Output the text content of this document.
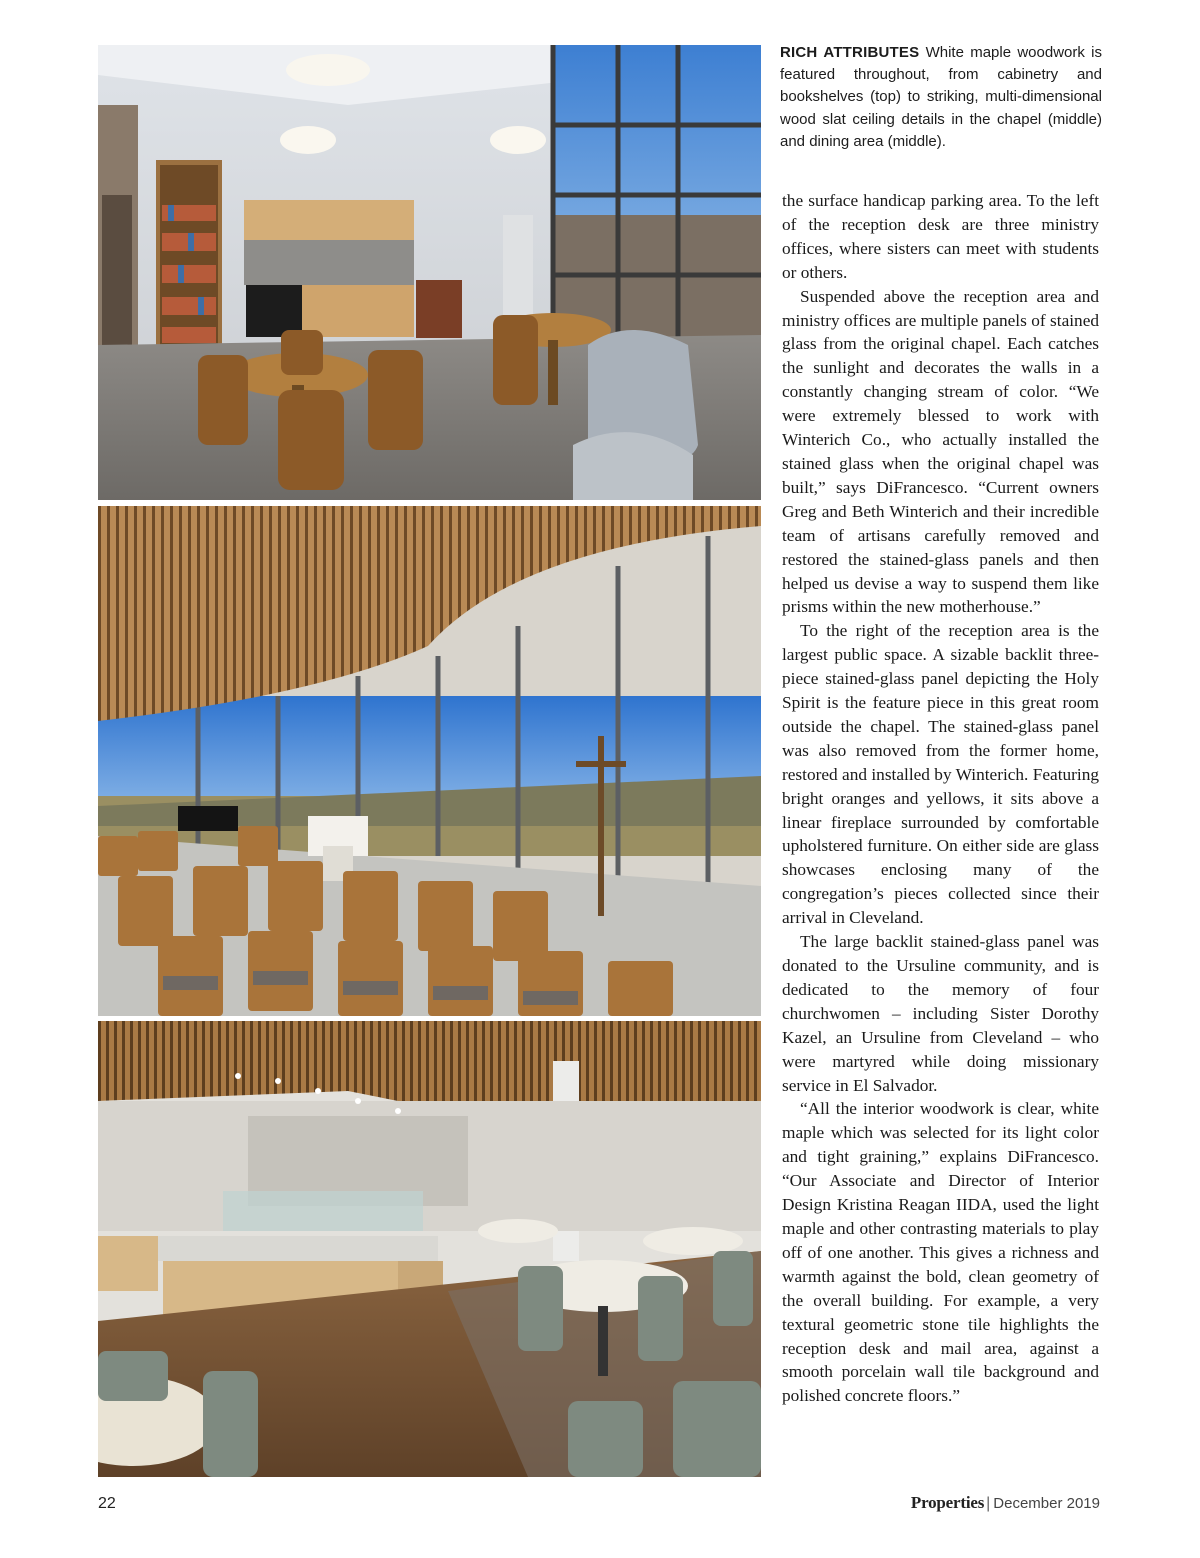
RICH ATTRIBUTES White maple woodwork is featured throughout, from cabinetry and bookshelves (top) to striking, multi-dimensional wood slat ceiling details in the chapel (middle) and dining area (middle).

the surface handicap parking area. To the left of the reception desk are three ministry offices, where sisters can meet with students or others.

Suspended above the reception area and ministry offices are multiple panels of stained glass from the original chapel. Each catches the sunlight and decorates the walls in a constantly changing stream of color. “We were extremely blessed to work with Winterich Co., who actually installed the stained glass when the original chapel was built,” says DiFrancesco. “Current owners Greg and Beth Winterich and their incredible team of artisans carefully removed and restored the stained-glass panels and then helped us devise a way to suspend them like prisms within the new motherhouse.”

To the right of the reception area is the largest public space. A sizable backlit three-piece stained-glass panel depicting the Holy Spirit is the feature piece in this great room outside the chapel. The stained-glass panel was also removed from the former home, restored and installed by Winterich. Featuring bright oranges and yellows, it sits above a linear fireplace surrounded by comfortable upholstered furniture. On either side are glass showcases enclosing many of the congregation’s pieces collected since their arrival in Cleveland.

The large backlit stained-glass panel was donated to the Ursuline community, and is dedicated to the memory of four churchwomen – including Sister Dorothy Kazel, an Ursuline from Cleveland – who were martyred while doing missionary service in El Salvador.

“All the interior woodwork is clear, white maple which was selected for its light color and tight graining,” explains DiFrancesco. “Our Associate and Director of Interior Design Kristina Reagan IIDA, used the light maple and other contrasting materials to play off of one another. This gives a richness and warmth against the bold, clean geometry of the overall building. For example, a very textural geometric stone tile highlights the reception desk and mail area, against a smooth porcelain wall tile background and polished concrete floors.”

22	Properties | December 2019
